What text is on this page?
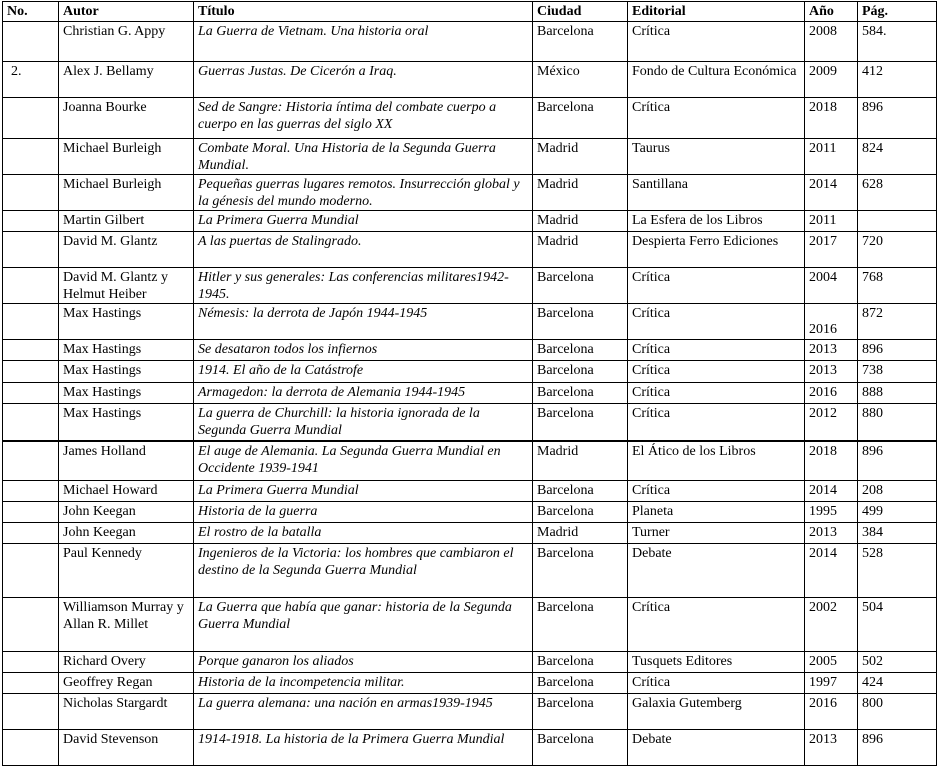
No.	Autor	Título	Ciudad	Editorial	Año	Pág.
	Christian G. Appy	La Guerra de Vietnam. Una historia oral	Barcelona	Crítica	2008	584.
2.	Alex J. Bellamy	Guerras Justas. De Cicerón a Iraq.	México	Fondo de Cultura Económica	2009	412
	Joanna Bourke	Sed de Sangre: Historia íntima del combate cuerpo a cuerpo en las guerras del siglo XX	Barcelona	Crítica	2018	896
	Michael Burleigh	Combate Moral. Una Historia de la Segunda Guerra Mundial.	Madrid	Taurus	2011	824
	Michael Burleigh	Pequeñas guerras lugares remotos. Insurrección global y la génesis del mundo moderno.	Madrid	Santillana	2014	628
	Martin Gilbert	La Primera Guerra Mundial	Madrid	La Esfera de los Libros	2011	
	David M. Glantz	A las puertas de Stalingrado.	Madrid	Despierta Ferro Ediciones	2017	720
	David M. Glantz y Helmut Heiber	Hitler y sus generales: Las conferencias militares1942-1945.	Barcelona	Crítica	2004	768
	Max Hastings	Némesis: la derrota de Japón 1944-1945	Barcelona	Crítica	2016	872
	Max Hastings	Se desataron todos los infiernos	Barcelona	Crítica	2013	896
	Max Hastings	1914. El año de la Catástrofe	Barcelona	Crítica	2013	738
	Max Hastings	Armagedon: la derrota de Alemania 1944-1945	Barcelona	Crítica	2016	888
	Max Hastings	La guerra de Churchill: la historia ignorada de la Segunda Guerra Mundial	Barcelona	Crítica	2012	880
	James Holland	El auge de Alemania. La Segunda Guerra Mundial en Occidente 1939-1941	Madrid	El Ático de los Libros	2018	896
	Michael Howard	La Primera Guerra Mundial	Barcelona	Crítica	2014	208
	John Keegan	Historia de la guerra	Barcelona	Planeta	1995	499
	John Keegan	El rostro de la batalla	Madrid	Turner	2013	384
	Paul Kennedy	Ingenieros de la Victoria: los hombres que cambiaron el destino de la Segunda Guerra Mundial	Barcelona	Debate	2014	528
	Williamson Murray y Allan R. Millet	La Guerra que había que ganar: historia de la Segunda Guerra Mundial	Barcelona	Crítica	2002	504
	Richard Overy	Porque ganaron los aliados	Barcelona	Tusquets Editores	2005	502
	Geoffrey Regan	Historia de la incompetencia militar.	Barcelona	Crítica	1997	424
	Nicholas Stargardt	La guerra alemana: una nación en armas1939-1945	Barcelona	Galaxia Gutemberg	2016	800
	David Stevenson	1914-1918. La historia de la Primera Guerra Mundial	Barcelona	Debate	2013	896
